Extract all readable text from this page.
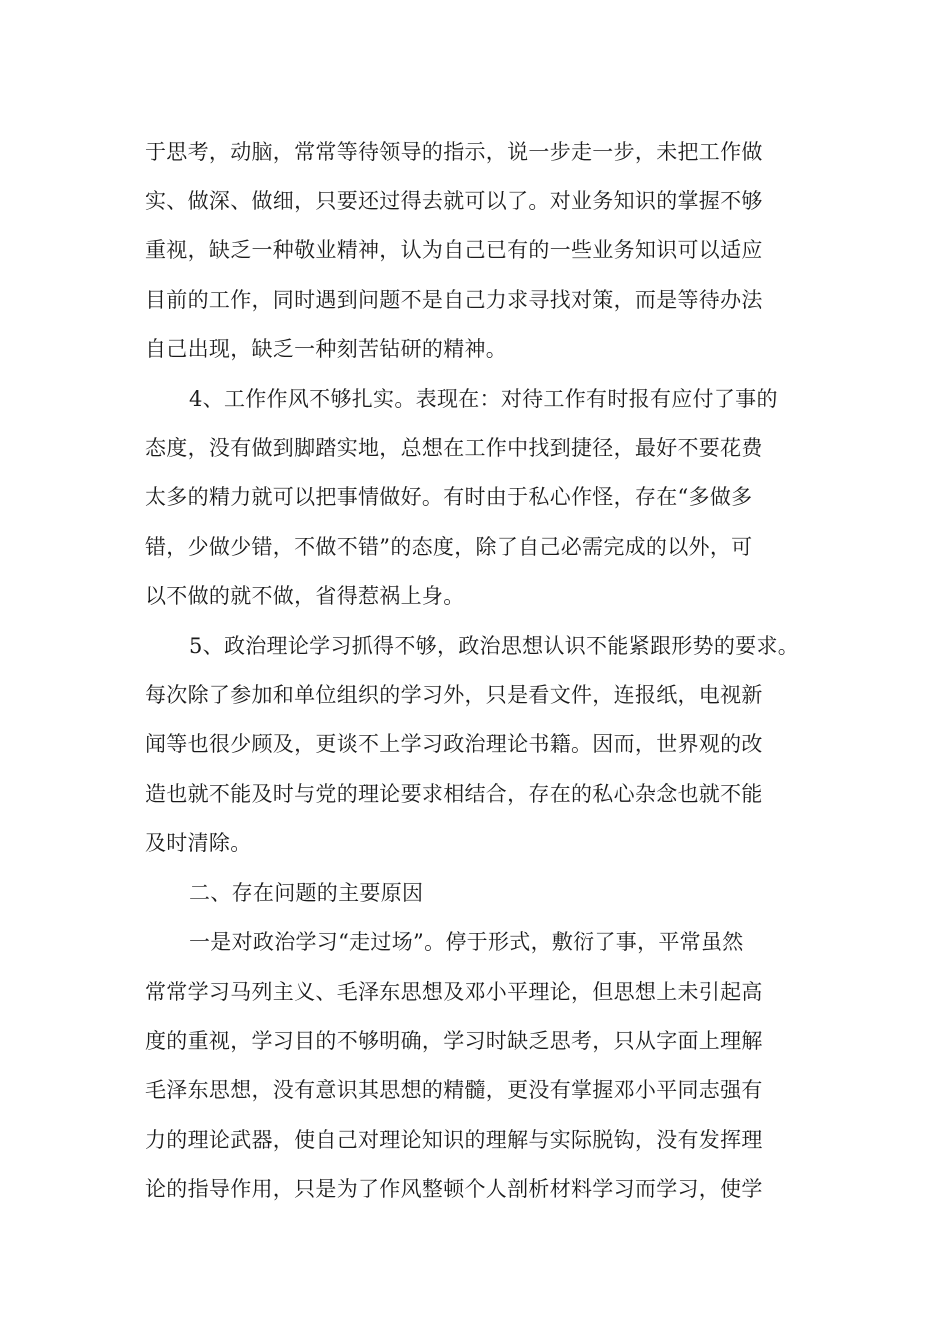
于思考，动脑，常常等待领导的指示，说一步走一步，未把工作做
实、做深、做细，只要还过得去就可以了。对业务知识的掌握不够
重视，缺乏一种敬业精神，认为自己已有的一些业务知识可以适应
目前的工作，同时遇到问题不是自己力求寻找对策，而是等待办法
自己出现，缺乏一种刻苦钻研的精神。
4、工作作风不够扎实。表现在：对待工作有时报有应付了事的
态度，没有做到脚踏实地，总想在工作中找到捷径，最好不要花费
太多的精力就可以把事情做好。有时由于私心作怪，存在“多做多
错，少做少错，不做不错”的态度，除了自己必需完成的以外，可
以不做的就不做，省得惹祸上身。
5、政治理论学习抓得不够，政治思想认识不能紧跟形势的要求。
每次除了参加和单位组织的学习外，只是看文件，连报纸，电视新
闻等也很少顾及，更谈不上学习政治理论书籍。因而，世界观的改
造也就不能及时与党的理论要求相结合，存在的私心杂念也就不能
及时清除。
二、存在问题的主要原因
一是对政治学习“走过场”。停于形式，敷衍了事，平常虽然
常常学习马列主义、毛泽东思想及邓小平理论，但思想上未引起高
度的重视，学习目的不够明确，学习时缺乏思考，只从字面上理解
毛泽东思想，没有意识其思想的精髓，更没有掌握邓小平同志强有
力的理论武器，使自己对理论知识的理解与实际脱钩，没有发挥理
论的指导作用，只是为了作风整顿个人剖析材料学习而学习，使学
